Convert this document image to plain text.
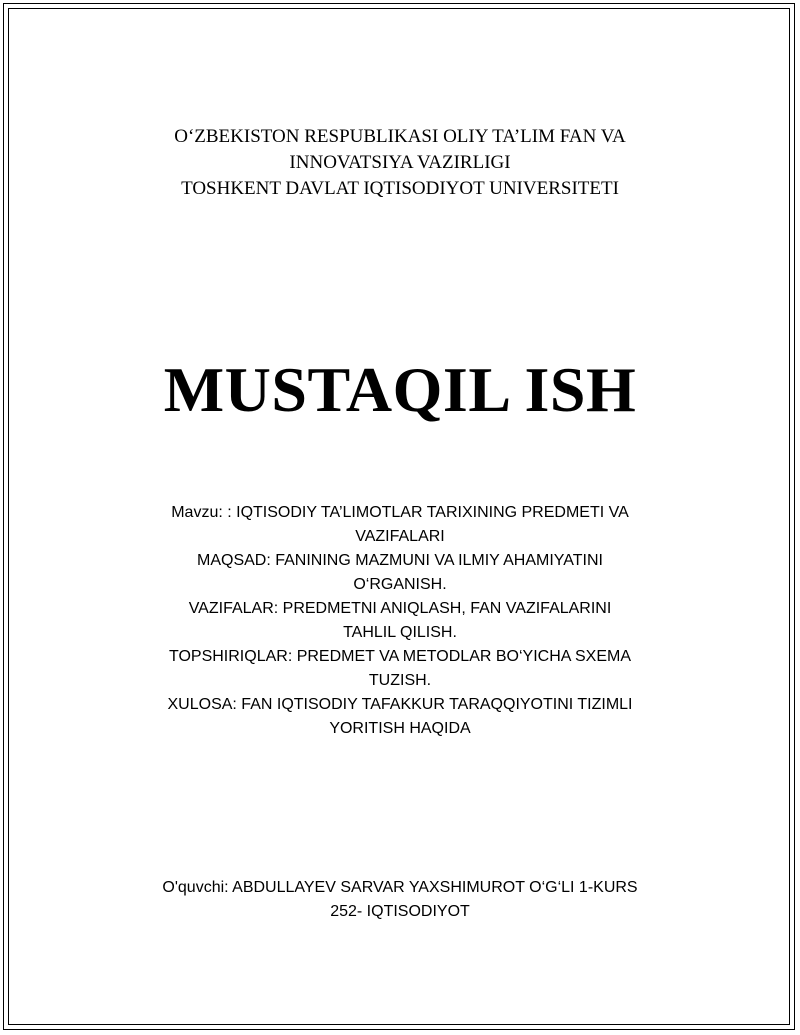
O‘ZBEKISTON RESPUBLIKASI OLIY TA’LIM FAN VA
INNOVATSIYA VAZIRLIGI
TOSHKENT DAVLAT IQTISODIYOT UNIVERSITETI
MUSTAQIL ISH
Mavzu: : IQTISODIY TA’LIMOTLAR TARIXINING PREDMETI VA
VAZIFALARI
MAQSAD: FANINING MAZMUNI VA ILMIY AHAMIYATINI
O‘RGANISH.
VAZIFALAR: PREDMETNI ANIQLASH, FAN VAZIFALARINI
TAHLIL QILISH.
TOPSHIRIQLAR: PREDMET VA METODLAR BO‘YICHA SXEMA
TUZISH.
XULOSA: FAN IQTISODIY TAFAKKUR TARAQQIYOTINI TIZIMLI
YORITISH HAQIDA
O'quvchi: ABDULLAYEV SARVAR YAXSHIMUROT O‘G‘LI 1-KURS
252- IQTISODIYOT
